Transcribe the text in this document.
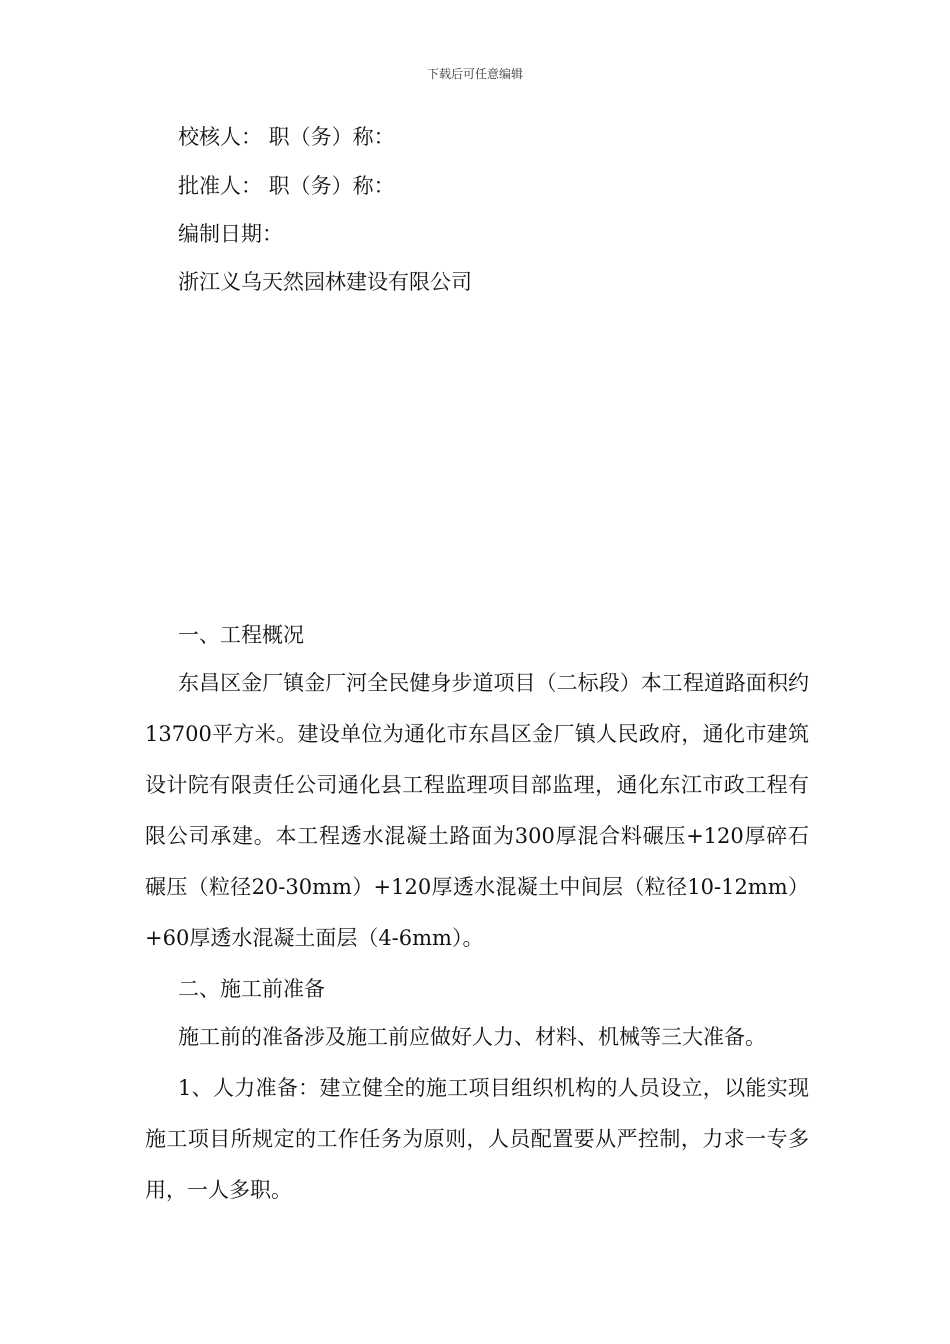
下载后可任意编辑
校核人： 职（务）称：
批准人： 职（务）称：
编制日期：
浙江义乌天然园林建设有限公司
一、工程概况
东昌区金厂镇金厂河全民健身步道项目（二标段）本工程道路面积约13700平方米。建设单位为通化市东昌区金厂镇人民政府，通化市建筑设计院有限责任公司通化县工程监理项目部监理，通化东江市政工程有限公司承建。本工程透水混凝土路面为300厚混合料碾压+120厚碎石碾压（粒径20-30mm）+120厚透水混凝土中间层（粒径10-12mm）+60厚透水混凝土面层（4-6mm）。
二、施工前准备
施工前的准备涉及施工前应做好人力、材料、机械等三大准备。
1、人力准备：建立健全的施工项目组织机构的人员设立，以能实现施工项目所规定的工作任务为原则，人员配置要从严控制，力求一专多用，一人多职。
